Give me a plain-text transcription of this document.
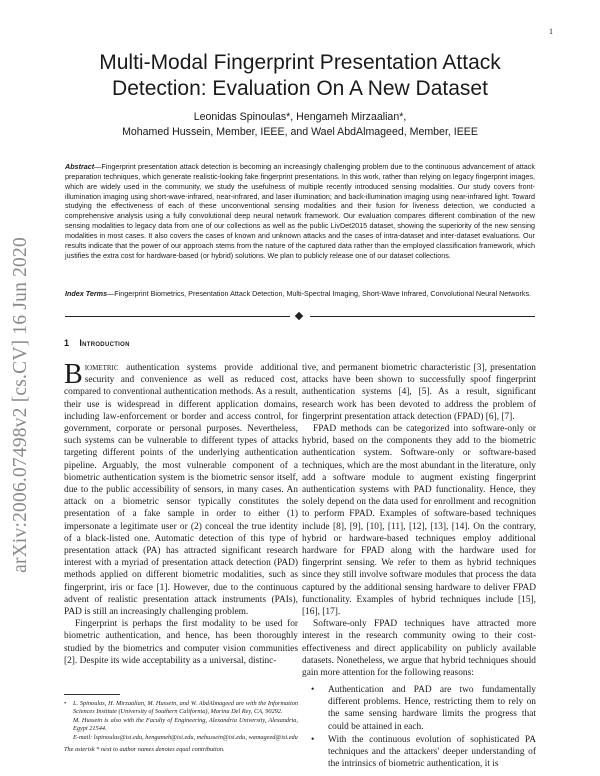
1
arXiv:2006.07498v2 [cs.CV] 16 Jun 2020
Multi-Modal Fingerprint Presentation Attack Detection: Evaluation On A New Dataset
Leonidas Spinoulas*, Hengameh Mirzaalian*,
Mohamed Hussein, Member, IEEE, and Wael AbdAlmageed, Member, IEEE
Abstract—Fingerprint presentation attack detection is becoming an increasingly challenging problem due to the continuous advancement of attack preparation techniques, which generate realistic-looking fake fingerprint presentations. In this work, rather than relying on legacy fingerprint images, which are widely used in the community, we study the usefulness of multiple recently introduced sensing modalities. Our study covers front-illumination imaging using short-wave-infrared, near-infrared, and laser illumination; and back-illumination imaging using near-infrared light. Toward studying the effectiveness of each of these unconventional sensing modalities and their fusion for liveness detection, we conducted a comprehensive analysis using a fully convolutional deep neural network framework. Our evaluation compares different combination of the new sensing modalities to legacy data from one of our collections as well as the public LivDet2015 dataset, showing the superiority of the new sensing modalities in most cases. It also covers the cases of known and unknown attacks and the cases of intra-dataset and inter-dataset evaluations. Our results indicate that the power of our approach stems from the nature of the captured data rather than the employed classification framework, which justifies the extra cost for hardware-based (or hybrid) solutions. We plan to publicly release one of our dataset collections.
Index Terms—Fingerprint Biometrics, Presentation Attack Detection, Multi-Spectral Imaging, Short-Wave Infrared, Convolutional Neural Networks.
1 Introduction

Biometric authentication systems provide additional security and convenience as well as reduced cost, compared to conventional authentication methods. As a result, their use is widespread in different application domains, including law-enforcement or border and access control, for government, corporate or personal purposes. Nevertheless, such systems can be vulnerable to different types of attacks targeting different points of the underlying authentication pipeline. Arguably, the most vulnerable component of a biometric authentication system is the biometric sensor itself, due to the public accessibility of sensors, in many cases. An attack on a biometric sensor typically constitutes the presentation of a fake sample in order to either (1) impersonate a legitimate user or (2) conceal the true identity of a black-listed one. Automatic detection of this type of presentation attack (PA) has attracted significant research interest with a myriad of presentation attack detection (PAD) methods applied on different biometric modalities, such as fingerprint, iris or face [1]. However, due to the continuous advent of realistic presentation attack instruments (PAIs), PAD is still an increasingly challenging problem.

Fingerprint is perhaps the first modality to be used for biometric authentication, and hence, has been thoroughly studied by the biometrics and computer vision communities [2]. Despite its wide acceptability as a universal, distinc-

• L. Spinoulas, H. Mirzaalian, M. Hussein, and W. AbdAlmageed are with the Information Sciences Institute (University of Southern California), Marina Del Rey, CA, 90292.
M. Hussein is also with the Faculty of Engineering, Alexandria University, Alexandria, Egypt 21544.
E-mail: lspinoulas@isi.edu, hengameh@isi.edu, mehussein@isi.edu, wamageed@isi.edu
The asterisk * next to author names denotes equal contribution.

tive, and permanent biometric characteristic [3], presentation attacks have been shown to successfully spoof fingerprint authentication systems [4], [5]. As a result, significant research work has been devoted to address the problem of fingerprint presentation attack detection (FPAD) [6], [7].

FPAD methods can be categorized into software-only or hybrid, based on the components they add to the biometric authentication system. Software-only or software-based techniques, which are the most abundant in the literature, only add a software module to augment existing fingerprint authentication systems with PAD functionality. Hence, they solely depend on the data used for enrollment and recognition to perform FPAD. Examples of software-based techniques include [8], [9], [10], [11], [12], [13], [14]. On the contrary, hybrid or hardware-based techniques employ additional hardware for FPAD along with the hardware used for fingerprint sensing. We refer to them as hybrid techniques since they still involve software modules that process the data captured by the additional sensing hardware to deliver FPAD functionality. Examples of hybrid techniques include [15], [16], [17].

Software-only FPAD techniques have attracted more interest in the research community owing to their cost-effectiveness and direct applicability on publicly available datasets. Nonetheless, we argue that hybrid techniques should gain more attention for the following reasons:

• Authentication and PAD are two fundamentally different problems. Hence, restricting them to rely on the same sensing hardware limits the progress that could be attained in each.
• With the continuous evolution of sophisticated PA techniques and the attackers' deeper understanding of the intrinsics of biometric authentication, it is
